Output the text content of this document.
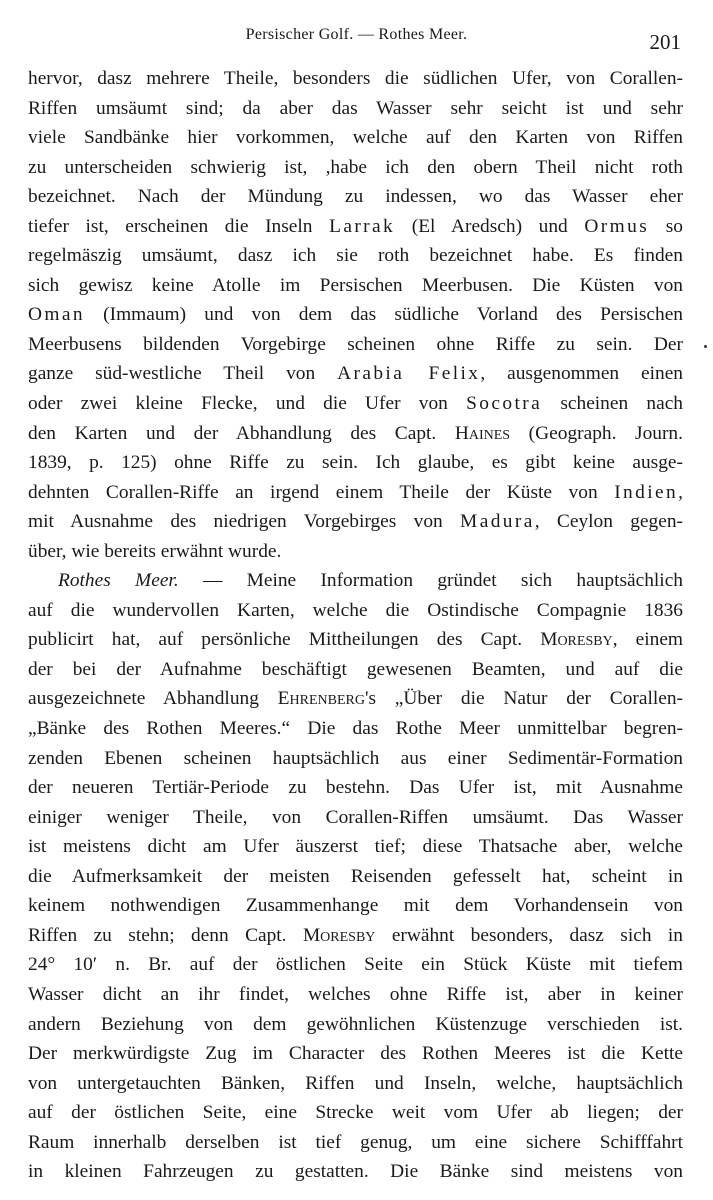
Persischer Golf. — Rothes Meer.	201
hervor, dasz mehrere Theile, besonders die südlichen Ufer, von Corallen-
Riffen umsäumt sind; da aber das Wasser sehr seicht ist und sehr
viele Sandbänke hier vorkommen, welche auf den Karten von Riffen
zu unterscheiden schwierig ist, ,habe ich den obern Theil nicht roth
bezeichnet. Nach der Mündung zu indessen, wo das Wasser eher
tiefer ist, erscheinen die Inseln Larrak (El Aredsch) und Ormus so
regelmäszig umsäumt, dasz ich sie roth bezeichnet habe. Es finden
sich gewisz keine Atolle im Persischen Meerbusen. Die Küsten von
Oman (Immaum) und von dem das südliche Vorland des Persischen
Meerbusens bildenden Vorgebirge scheinen ohne Riffe zu sein. Der
ganze süd-westliche Theil von Arabia Felix, ausgenommen einen
oder zwei kleine Flecke, und die Ufer von Socotra scheinen nach
den Karten und der Abhandlung des Capt. Haines (Geograph. Journ.
1839, p. 125) ohne Riffe zu sein. Ich glaube, es gibt keine ausge-
dehnten Corallen-Riffe an irgend einem Theile der Küste von Indien,
mit Ausnahme des niedrigen Vorgebirges von Madura, Ceylon gegen-
über, wie bereits erwähnt wurde.
Rothes Meer. — Meine Information gründet sich hauptsächlich
auf die wundervollen Karten, welche die Ostindische Compagnie 1836
publicirt hat, auf persönliche Mittheilungen des Capt. Moresby, einem
der bei der Aufnahme beschäftigt gewesenen Beamten, und auf die
ausgezeichnete Abhandlung Ehrenberg's „Über die Natur der Corallen-
„Bänke des Rothen Meeres.“ Die das Rothe Meer unmittelbar begren-
zenden Ebenen scheinen hauptsächlich aus einer Sedimentär-Formation
der neueren Tertiär-Periode zu bestehn. Das Ufer ist, mit Ausnahme
einiger weniger Theile, von Corallen-Riffen umsäumt. Das Wasser
ist meistens dicht am Ufer äuszerst tief; diese Thatsache aber, welche
die Aufmerksamkeit der meisten Reisenden gefesselt hat, scheint in
keinem nothwendigen Zusammenhange mit dem Vorhandensein von
Riffen zu stehn; denn Capt. Moresby erwähnt besonders, dasz sich in
24° 10′ n. Br. auf der östlichen Seite ein Stück Küste mit tiefem
Wasser dicht an ihr findet, welches ohne Riffe ist, aber in keiner
andern Beziehung von dem gewöhnlichen Küstenzuge verschieden ist.
Der merkwürdigste Zug im Character des Rothen Meeres ist die Kette
von untergetauchten Bänken, Riffen und Inseln, welche, hauptsächlich
auf der östlichen Seite, eine Strecke weit vom Ufer ab liegen; der
Raum innerhalb derselben ist tief genug, um eine sichere Schifffahrt
in kleinen Fahrzeugen zu gestatten. Die Bänke sind meistens von
